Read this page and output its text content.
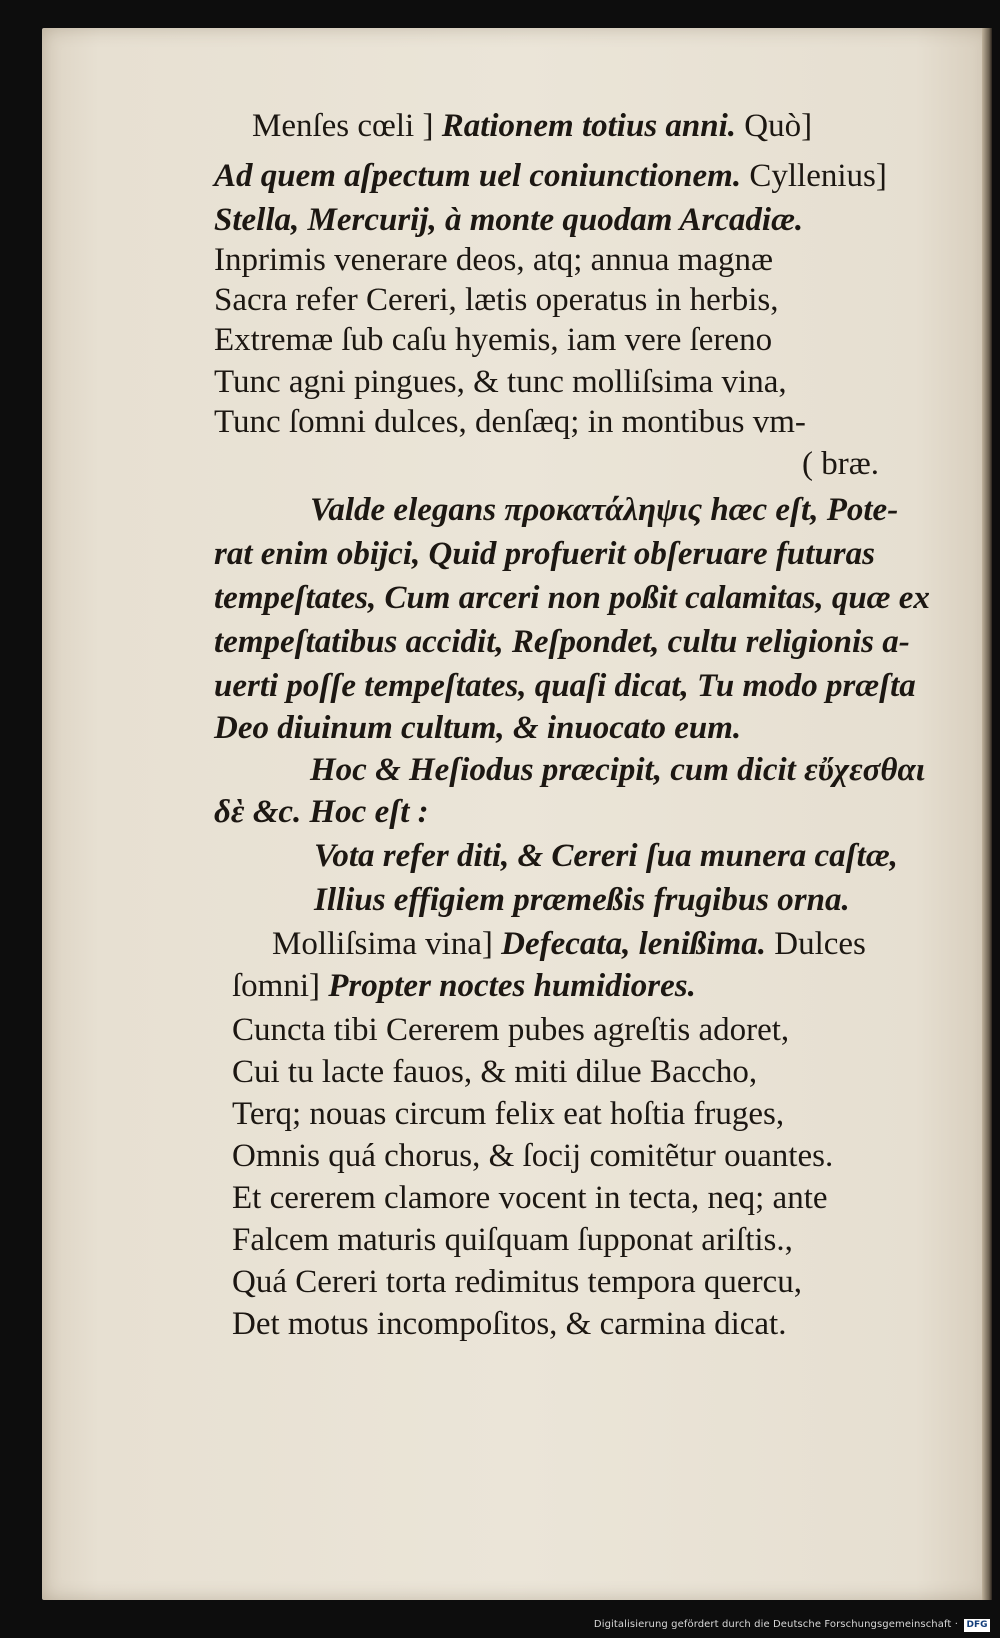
Menſes cœli ] Rationem totius anni. Quò]
Ad quem aſpectum uel coniunctionem. Cyllenius]
Stella, Mercurij, à monte quodam Arcadiæ.
Inprimis venerare deos, atq; annua magnæ
Sacra refer Cereri, lætis operatus in herbis,
Extremæ ſub caſu hyemis, iam vere ſereno
Tunc agni pingues, & tunc molliſsima vina,
Tunc ſomni dulces, denſæq; in montibus vm-
( bræ.
Valde elegans προκατάληψις hæc eſt, Pote-
rat enim obijci, Quid profuerit obſeruare futuras
tempeſtates, Cum arceri non poßit calamitas, quæ ex
tempeſtatibus accidit, Reſpondet, cultu religionis a-
uerti poſſe tempeſtates, quaſi dicat, Tu modo præſta
Deo diuinum cultum, & inuocato eum.
Hoc & Heſiodus præcipit, cum dicit εὔχεσθαι
δὲ &c. Hoc eſt :
Vota refer diti, & Cereri ſua munera caſtæ,
Illius effigiem præmeßis frugibus orna.
Molliſsima vina] Defecata, lenißima. Dulces
ſomni] Propter noctes humidiores.
Cuncta tibi Cererem pubes agreſtis adoret,
Cui tu lacte fauos, & miti dilue Baccho,
Terq; nouas circum felix eat hoſtia fruges,
Omnis quá chorus, & ſocij comitẽtur ouantes.
Et cererem clamore vocent in tecta, neq; ante
Falcem maturis quiſquam ſupponat ariſtis.,
Quá Cereri torta redimitus tempora quercu,
Det motus incompoſitos, & carmina dicat.
Digitalisierung gefördert durch die Deutsche Forschungsgemeinschaft · DFG
